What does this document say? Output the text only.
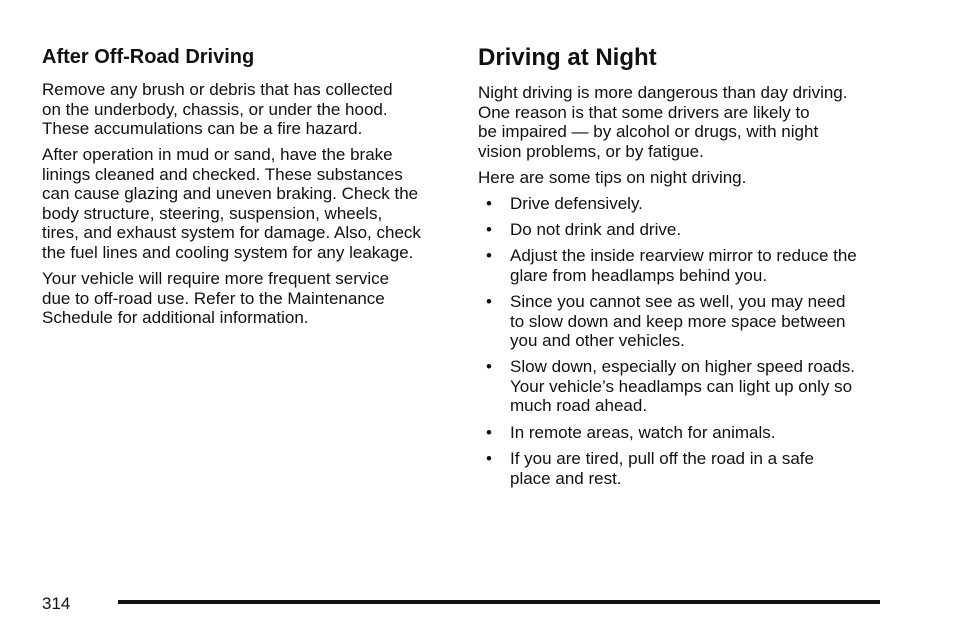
After Off-Road Driving
Remove any brush or debris that has collected
on the underbody, chassis, or under the hood.
These accumulations can be a fire hazard.
After operation in mud or sand, have the brake
linings cleaned and checked. These substances
can cause glazing and uneven braking. Check the
body structure, steering, suspension, wheels,
tires, and exhaust system for damage. Also, check
the fuel lines and cooling system for any leakage.
Your vehicle will require more frequent service
due to off-road use. Refer to the Maintenance
Schedule for additional information.
Driving at Night
Night driving is more dangerous than day driving.
One reason is that some drivers are likely to
be impaired — by alcohol or drugs, with night
vision problems, or by fatigue.
Here are some tips on night driving.
• Drive defensively.
• Do not drink and drive.
• Adjust the inside rearview mirror to reduce the
glare from headlamps behind you.
• Since you cannot see as well, you may need
to slow down and keep more space between
you and other vehicles.
• Slow down, especially on higher speed roads.
Your vehicle’s headlamps can light up only so
much road ahead.
• In remote areas, watch for animals.
• If you are tired, pull off the road in a safe
place and rest.
314
